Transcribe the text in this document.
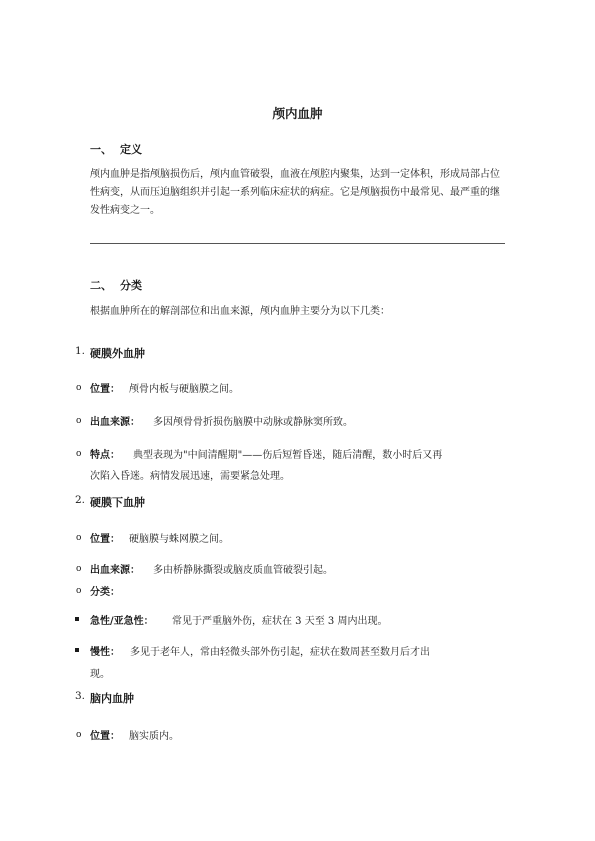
颅内血肿
一、 定义
颅内血肿是指颅脑损伤后，颅内血管破裂，血液在颅腔内聚集，达到一定体积，形成局部占位性病变，从而压迫脑组织并引起一系列临床症状的病症。它是颅脑损伤中最常见、最严重的继发性病变之一。
二、 分类
根据血肿所在的解剖部位和出血来源，颅内血肿主要分为以下几类：
1. 硬膜外血肿
o 位置： 颅骨内板与硬脑膜之间。
o 出血来源： 多因颅骨骨折损伤脑膜中动脉或静脉窦所致。
o 特点： 典型表现为"中间清醒期"——伤后短暂昏迷，随后清醒，数小时后又再
次陷入昏迷。病情发展迅速，需要紧急处理。
2. 硬膜下血肿
o 位置： 硬脑膜与蛛网膜之间。
o 出血来源： 多由桥静脉撕裂或脑皮质血管破裂引起。
o 分类：
急性/亚急性： 常见于严重脑外伤，症状在 3 天至 3 周内出现。
慢性： 多见于老年人，常由轻微头部外伤引起，症状在数周甚至数月后才出
现。
3. 脑内血肿
o 位置： 脑实质内。
